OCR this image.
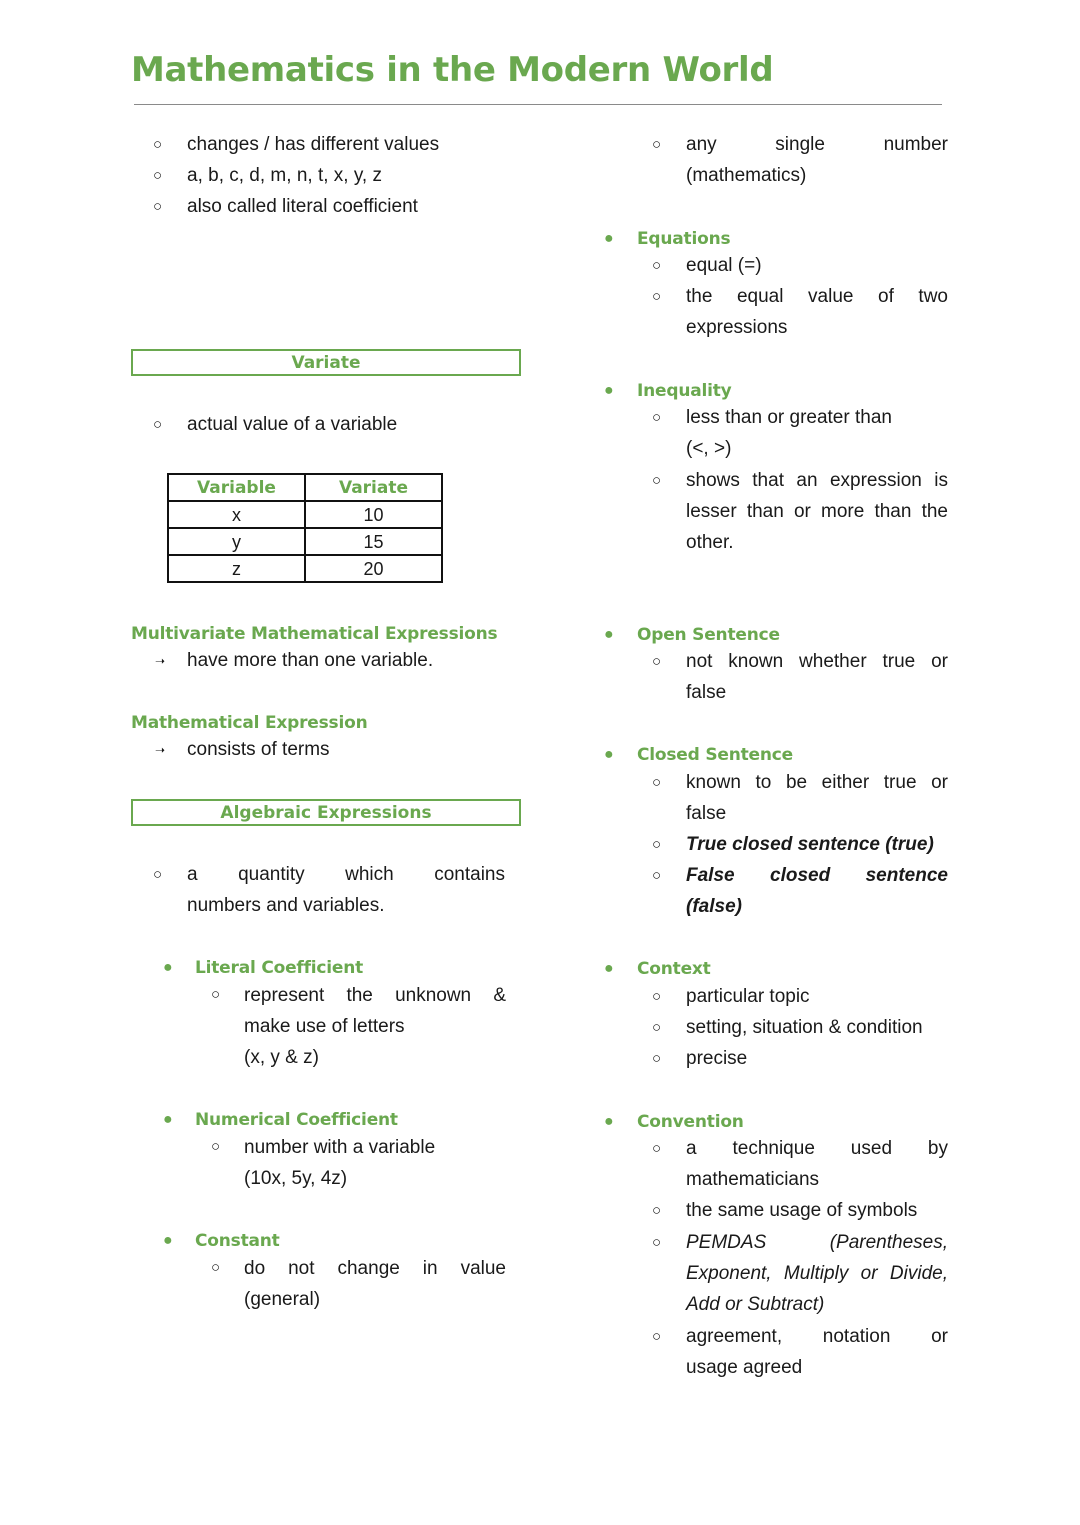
Mathematics in the Modern World
○ changes / has different values
○ a, b, c, d, m, n, t, x, y, z
○ also called literal coefficient
Variate
○ actual value of a variable
Variable	Variate
x	10
y	15
z	20
Multivariate Mathematical Expressions
➝ have more than one variable.
Mathematical Expression
➝ consists of terms
Algebraic Expressions
○ a quantity which contains
numbers and variables.
● Literal Coefficient
○ represent the unknown &
make use of letters
(x, y & z)
● Numerical Coefficient
○ number with a variable
(10x, 5y, 4z)
● Constant
○ do not change in value
(general)
○ any single number
(mathematics)
● Equations
○ equal (=)
○ the equal value of two
expressions
● Inequality
○ less than or greater than
(<, >)
○ shows that an expression is
lesser than or more than the
other.
● Open Sentence
○ not known whether true or
false
● Closed Sentence
○ known to be either true or
false
○ True closed sentence (true)
○ False closed sentence
(false)
● Context
○ particular topic
○ setting, situation & condition
○ precise
● Convention
○ a technique used by
mathematicians
○ the same usage of symbols
○ PEMDAS (Parentheses,
Exponent, Multiply or Divide,
Add or Subtract)
○ agreement, notation or
usage agreed
